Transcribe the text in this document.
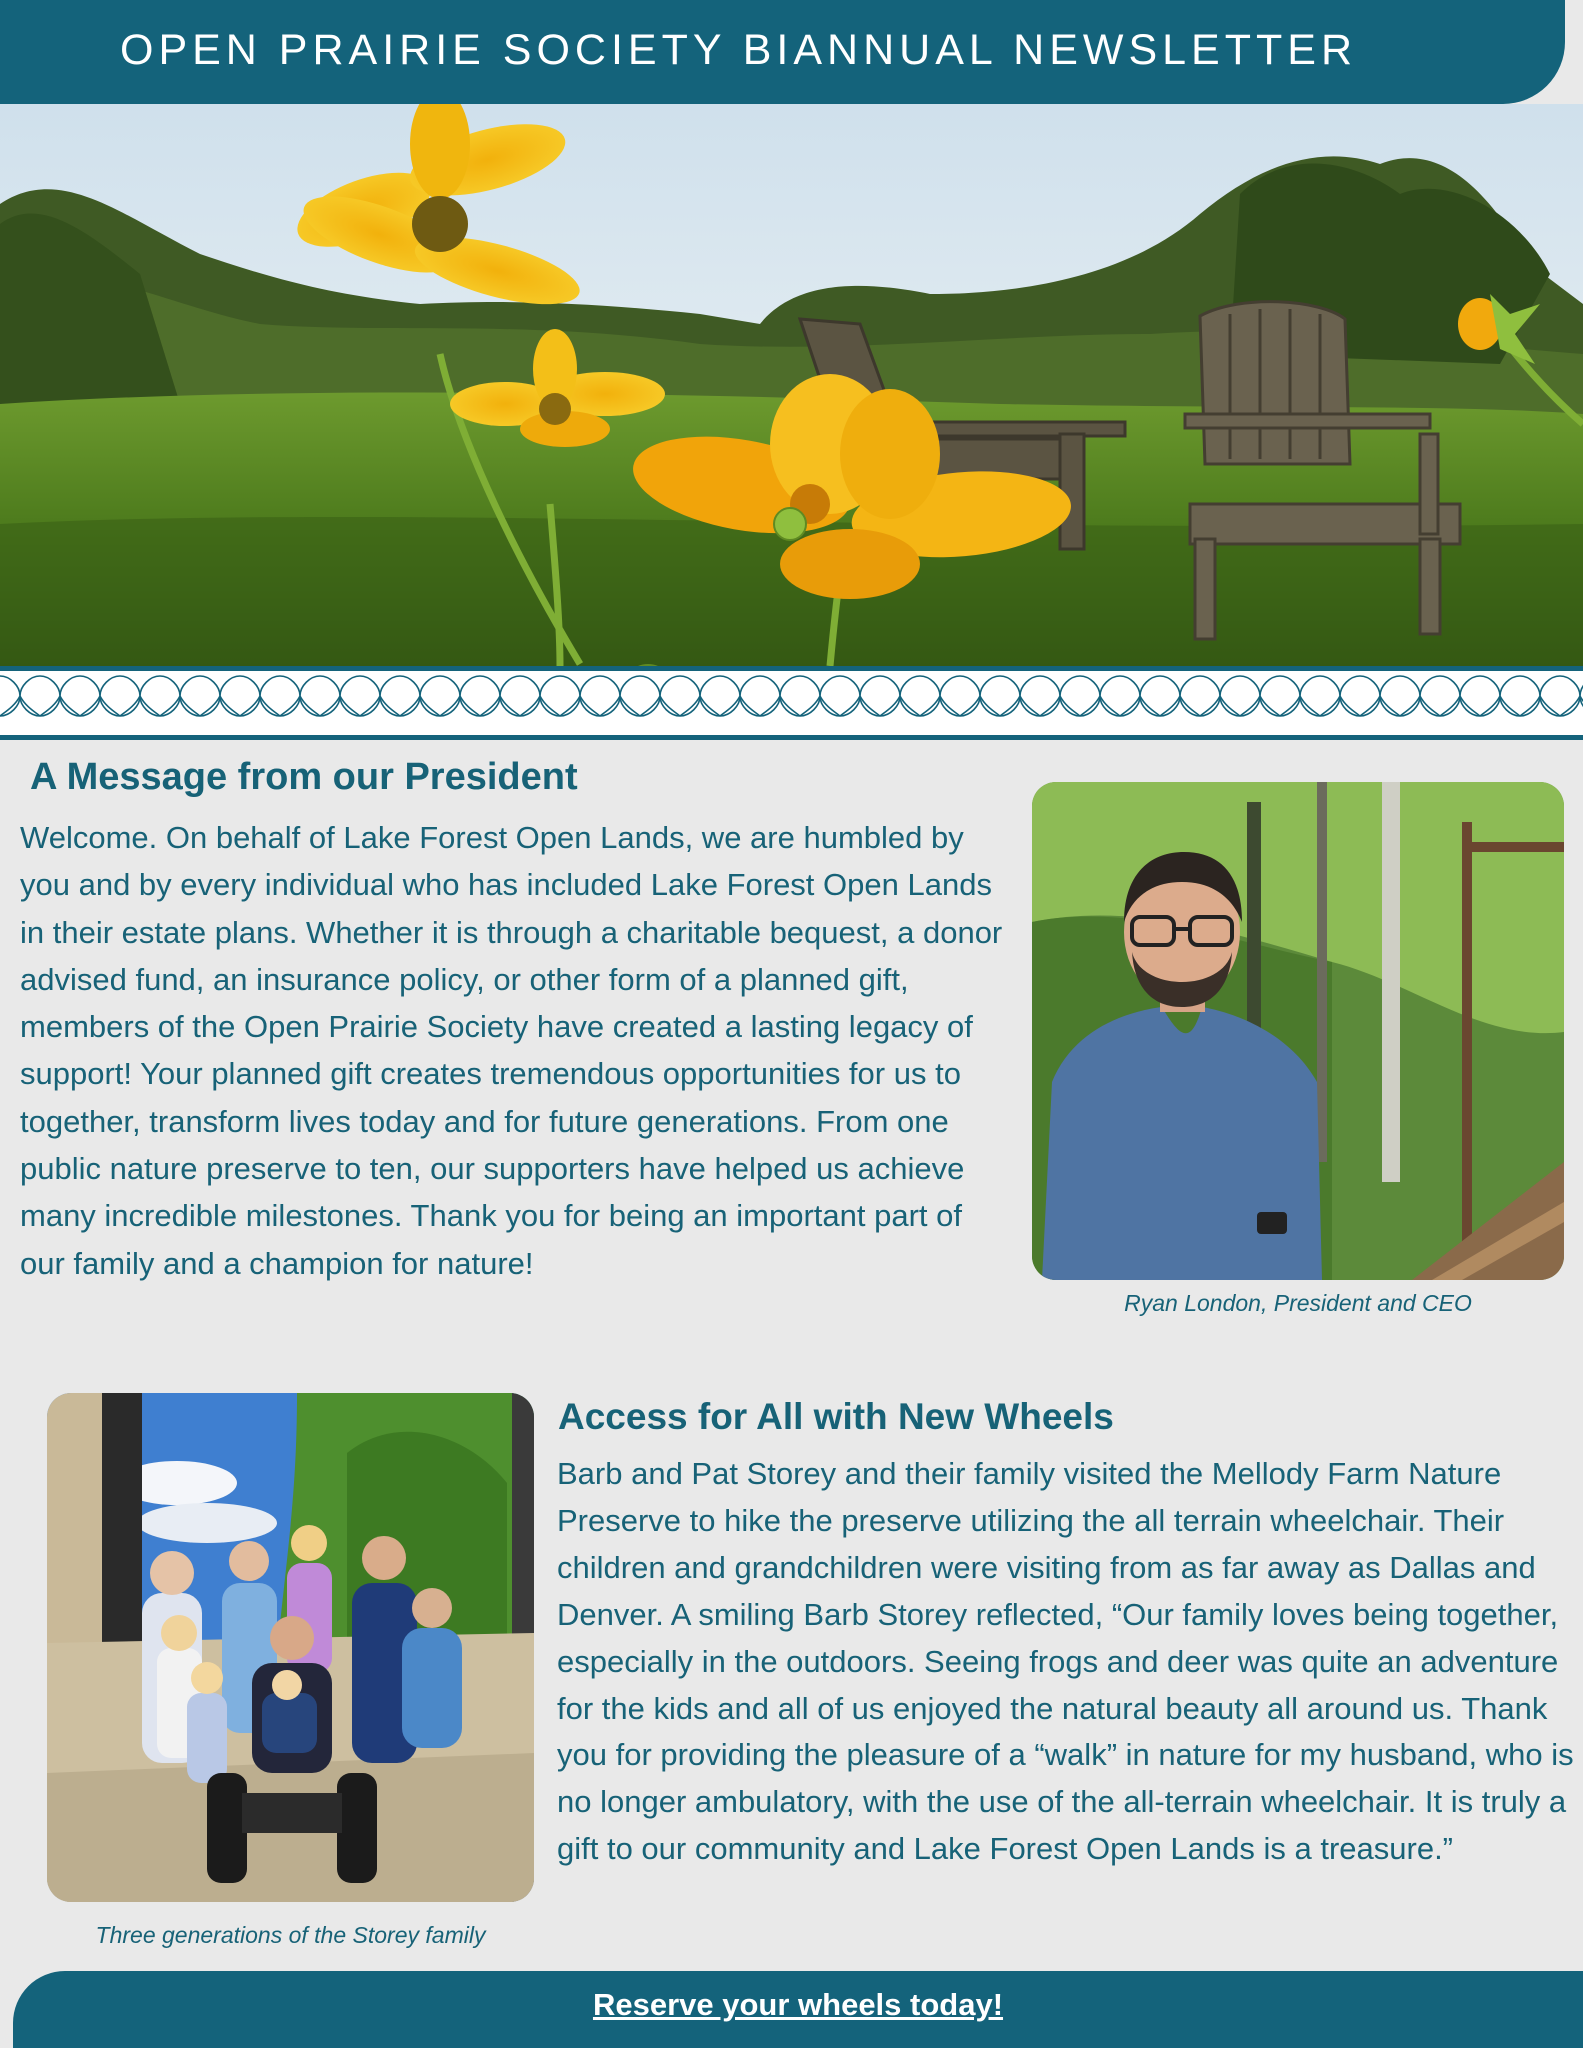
OPEN PRAIRIE SOCIETY BIANNUAL NEWSLETTER
A Message from our President

Welcome. On behalf of Lake Forest Open Lands, we are humbled by you and by every individual who has included Lake Forest Open Lands in their estate plans. Whether it is through a charitable bequest, a donor advised fund, an insurance policy, or other form of a planned gift, members of the Open Prairie Society have created a lasting legacy of support! Your planned gift creates tremendous opportunities for us to together, transform lives today and for future generations. From one public nature preserve to ten, our supporters have helped us achieve many incredible milestones. Thank you for being an important part of our family and a champion for nature!

Ryan London, President and CEO
Three generations of the Storey family
Access for All with New Wheels

Barb and Pat Storey and their family visited the Mellody Farm Nature Preserve to hike the preserve utilizing the all terrain wheelchair. Their children and grandchildren were visiting from as far away as Dallas and Denver. A smiling Barb Storey reflected, “Our family loves being together, especially in the outdoors. Seeing frogs and deer was quite an adventure for the kids and all of us enjoyed the natural beauty all around us. Thank you for providing the pleasure of a “walk” in nature for my husband, who is no longer ambulatory, with the use of the all-terrain wheelchair. It is truly a gift to our community and Lake Forest Open Lands is a treasure.”

Reserve your wheels today!
